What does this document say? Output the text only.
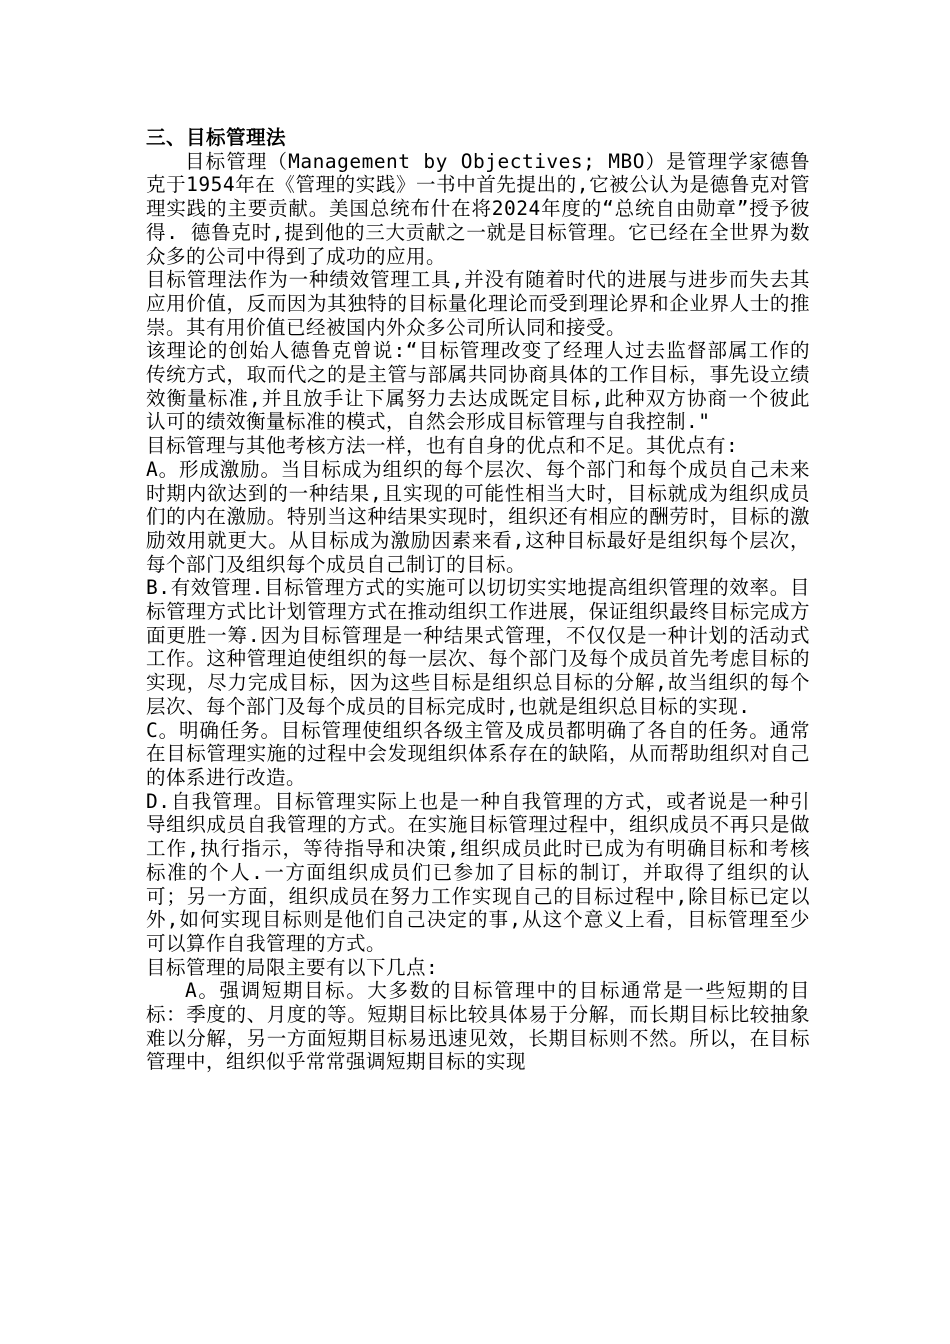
三、目标管理法
目标管理（Management by Objectives; MBO）是管理学家德鲁克于1954年在《管理的实践》一书中首先提出的,它被公认为是德鲁克对管理实践的主要贡献。美国总统布什在将2024年度的“总统自由勋章”授予彼得. 德鲁克时,提到他的三大贡献之一就是目标管理。它已经在全世界为数众多的公司中得到了成功的应用。
目标管理法作为一种绩效管理工具,并没有随着时代的进展与进步而失去其应用价值，反而因为其独特的目标量化理论而受到理论界和企业界人士的推崇。其有用价值已经被国内外众多公司所认同和接受。
该理论的创始人德鲁克曾说:“目标管理改变了经理人过去监督部属工作的传统方式，取而代之的是主管与部属共同协商具体的工作目标，事先设立绩效衡量标准,并且放手让下属努力去达成既定目标,此种双方协商一个彼此认可的绩效衡量标准的模式，自然会形成目标管理与自我控制."
目标管理与其他考核方法一样，也有自身的优点和不足。其优点有:
A。形成激励。当目标成为组织的每个层次、每个部门和每个成员自己未来时期内欲达到的一种结果,且实现的可能性相当大时，目标就成为组织成员们的内在激励。特别当这种结果实现时，组织还有相应的酬劳时，目标的激励效用就更大。从目标成为激励因素来看,这种目标最好是组织每个层次，每个部门及组织每个成员自己制订的目标。
B.有效管理.目标管理方式的实施可以切切实实地提高组织管理的效率。目标管理方式比计划管理方式在推动组织工作进展，保证组织最终目标完成方面更胜一筹.因为目标管理是一种结果式管理，不仅仅是一种计划的活动式工作。这种管理迫使组织的每一层次、每个部门及每个成员首先考虑目标的实现，尽力完成目标，因为这些目标是组织总目标的分解,故当组织的每个层次、每个部门及每个成员的目标完成时,也就是组织总目标的实现.
C。明确任务。目标管理使组织各级主管及成员都明确了各自的任务。通常在目标管理实施的过程中会发现组织体系存在的缺陷，从而帮助组织对自己的体系进行改造。
D.自我管理。目标管理实际上也是一种自我管理的方式，或者说是一种引导组织成员自我管理的方式。在实施目标管理过程中，组织成员不再只是做工作,执行指示，等待指导和决策,组织成员此时已成为有明确目标和考核标准的个人.一方面组织成员们已参加了目标的制订，并取得了组织的认可；另一方面，组织成员在努力工作实现自己的目标过程中,除目标已定以外,如何实现目标则是他们自己决定的事,从这个意义上看，目标管理至少可以算作自我管理的方式。
目标管理的局限主要有以下几点:
A。强调短期目标。大多数的目标管理中的目标通常是一些短期的目标：季度的、月度的等。短期目标比较具体易于分解，而长期目标比较抽象难以分解，另一方面短期目标易迅速见效，长期目标则不然。所以，在目标管理中，组织似乎常常强调短期目标的实现
